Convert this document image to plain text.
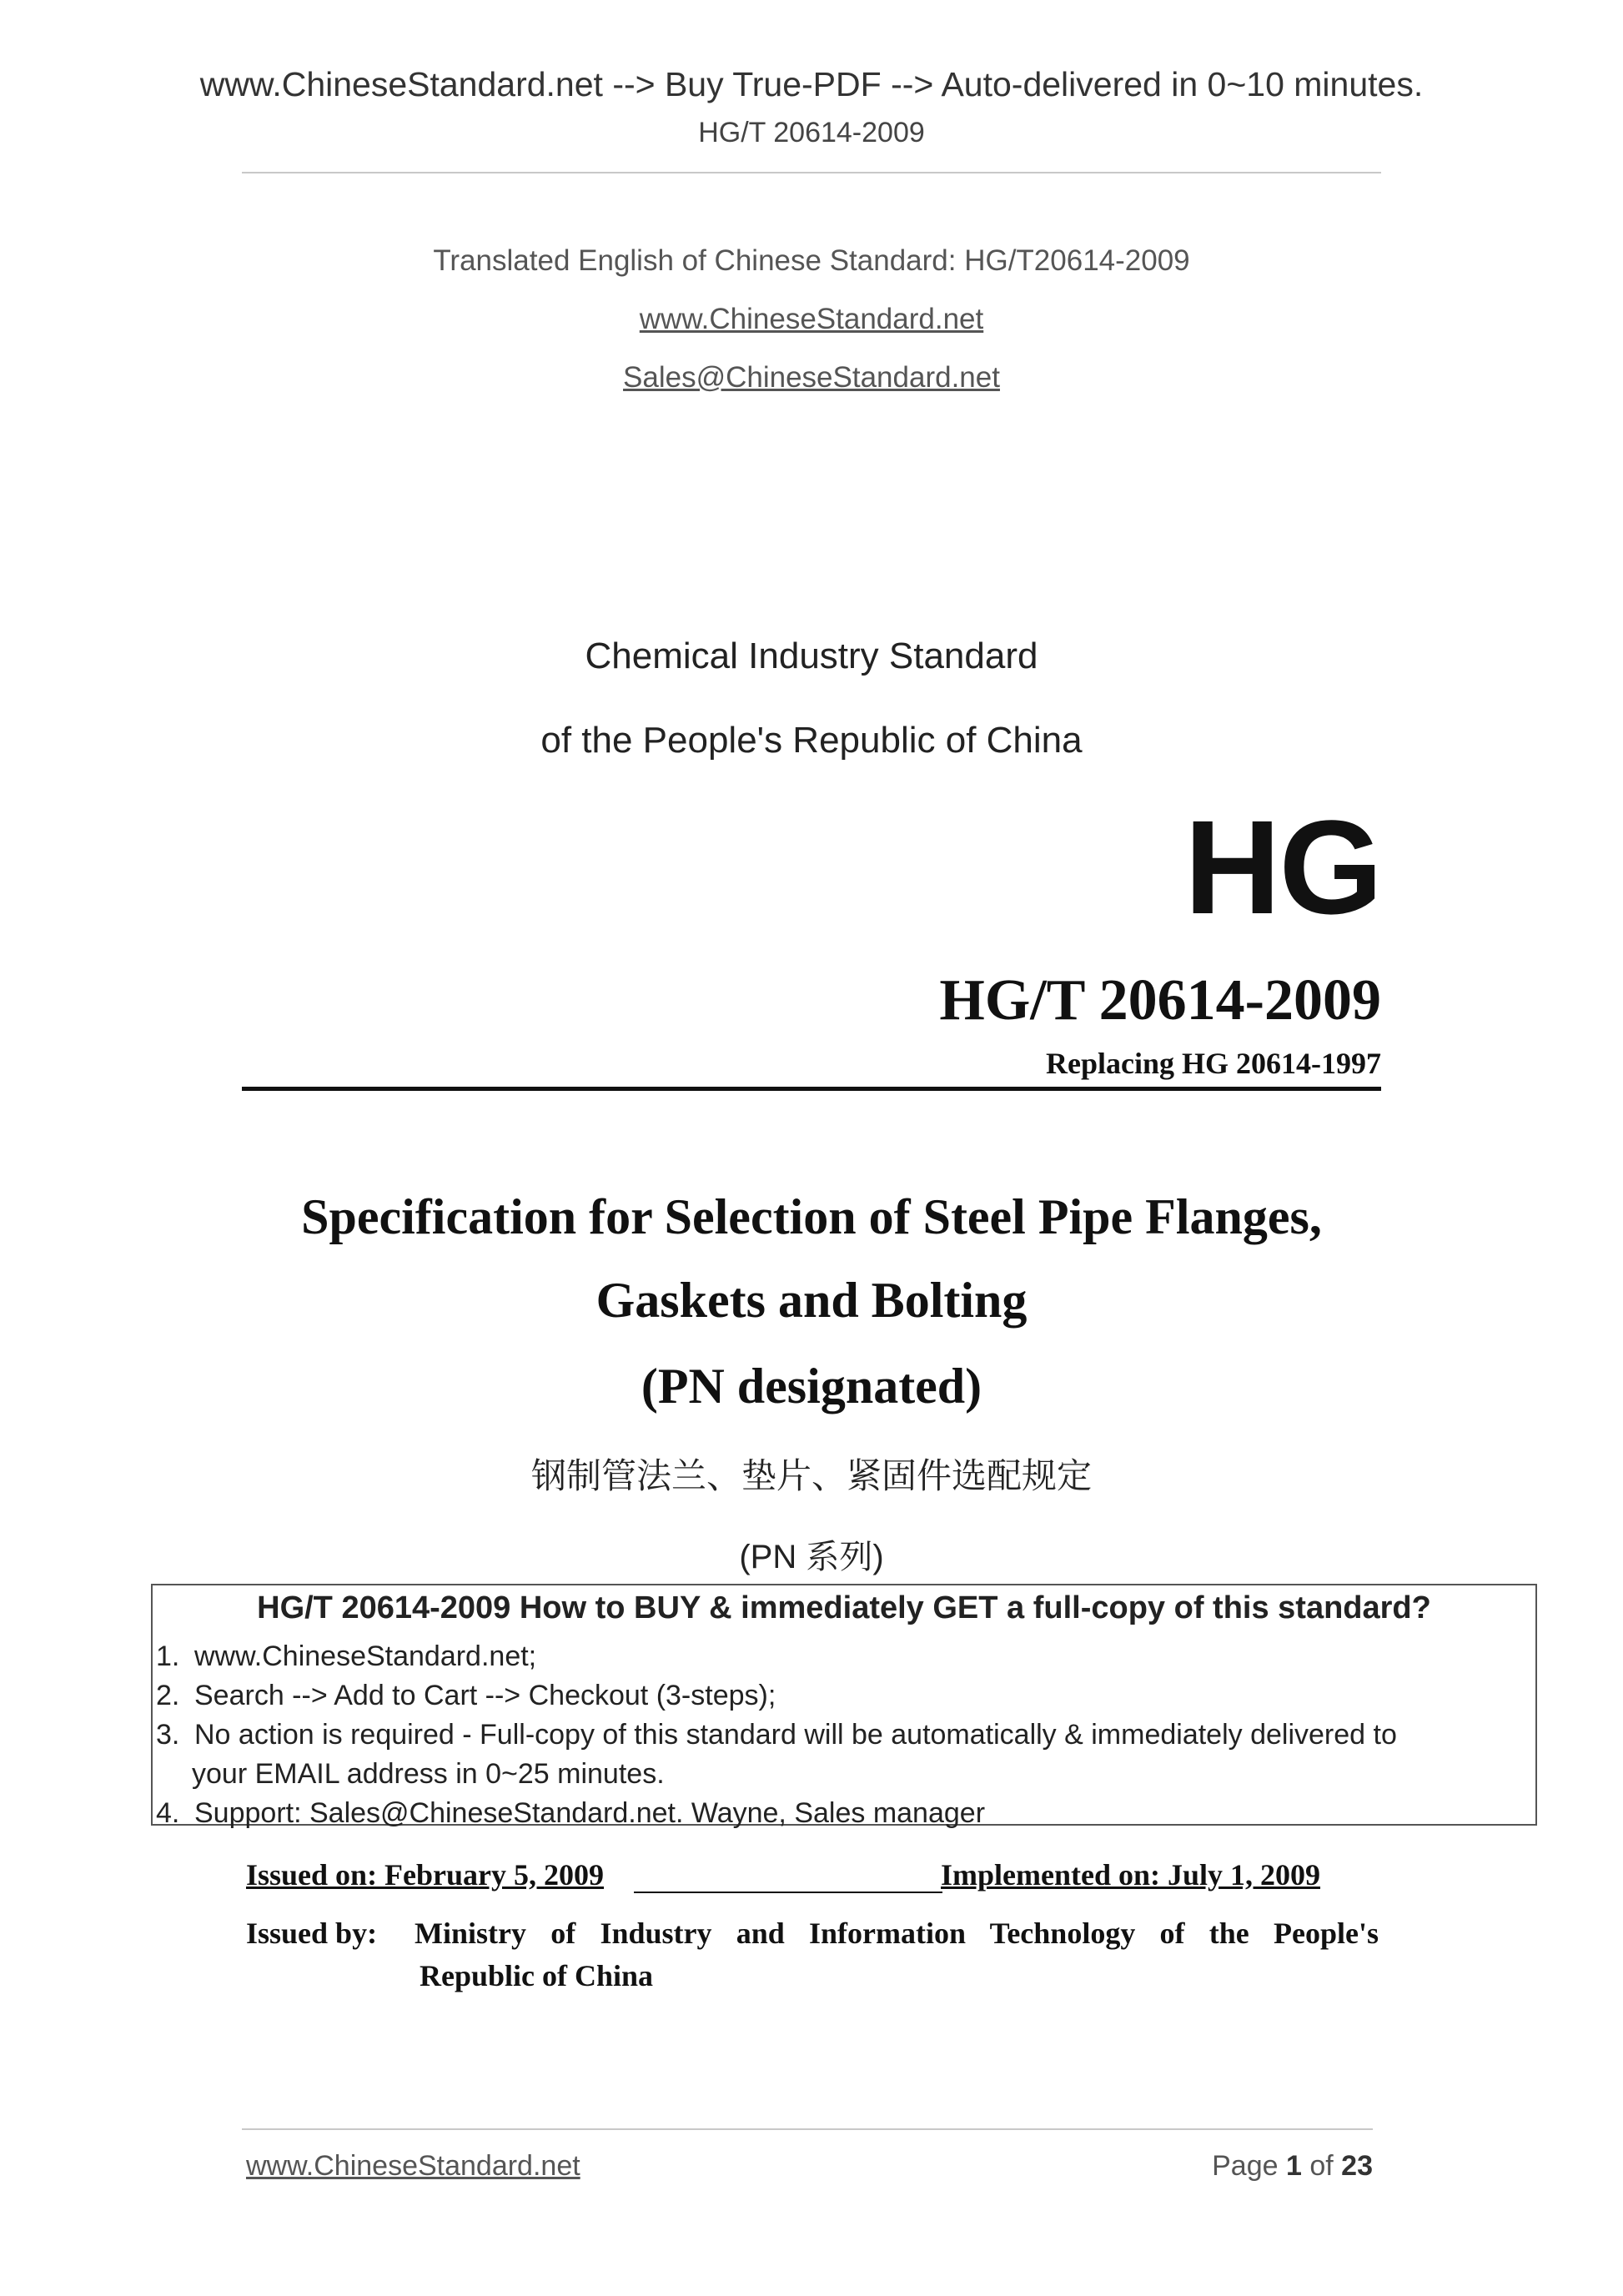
www.ChineseStandard.net --> Buy True-PDF --> Auto-delivered in 0~10 minutes.
HG/T 20614-2009
Translated English of Chinese Standard: HG/T20614-2009
www.ChineseStandard.net
Sales@ChineseStandard.net
Chemical Industry Standard
of the People's Republic of China
HG
HG/T 20614-2009
Replacing HG 20614-1997
Specification for Selection of Steel Pipe Flanges,
Gaskets and Bolting
(PN designated)
钢制管法兰、垫片、紧固件选配规定
(PN 系列)
HG/T 20614-2009 How to BUY & immediately GET a full-copy of this standard?
1. www.ChineseStandard.net;
2. Search --> Add to Cart --> Checkout (3-steps);
3. No action is required - Full-copy of this standard will be automatically & immediately delivered to
your EMAIL address in 0~25 minutes.
4. Support: Sales@ChineseStandard.net. Wayne, Sales manager
Issued on: February 5, 2009	Implemented on: July 1, 2009
Issued by: Ministry of Industry and Information Technology of the People's
Republic of China
www.ChineseStandard.net	Page 1 of 23
